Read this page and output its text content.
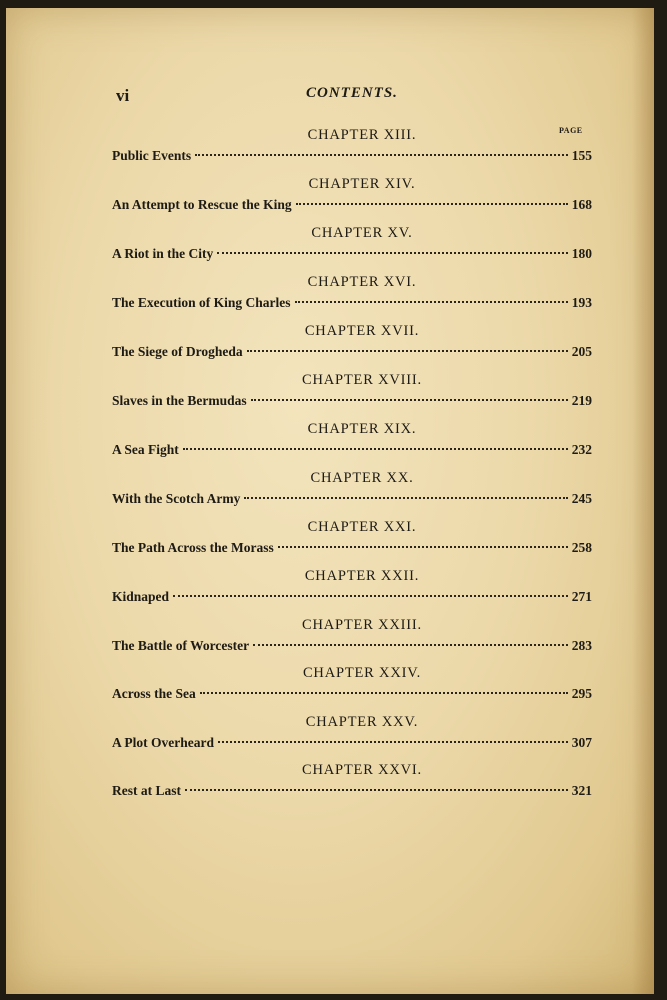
vi	CONTENTS.
PAGE
CHAPTER XIII.
Public Events	155
CHAPTER XIV.
An Attempt to Rescue the King	168
CHAPTER XV.
A Riot in the City	180
CHAPTER XVI.
The Execution of King Charles	193
CHAPTER XVII.
The Siege of Drogheda	205
CHAPTER XVIII.
Slaves in the Bermudas	219
CHAPTER XIX.
A Sea Fight	232
CHAPTER XX.
With the Scotch Army	245
CHAPTER XXI.
The Path Across the Morass	258
CHAPTER XXII.
Kidnaped	271
CHAPTER XXIII.
The Battle of Worcester	283
CHAPTER XXIV.
Across the Sea	295
CHAPTER XXV.
A Plot Overheard	307
CHAPTER XXVI.
Rest at Last	321
